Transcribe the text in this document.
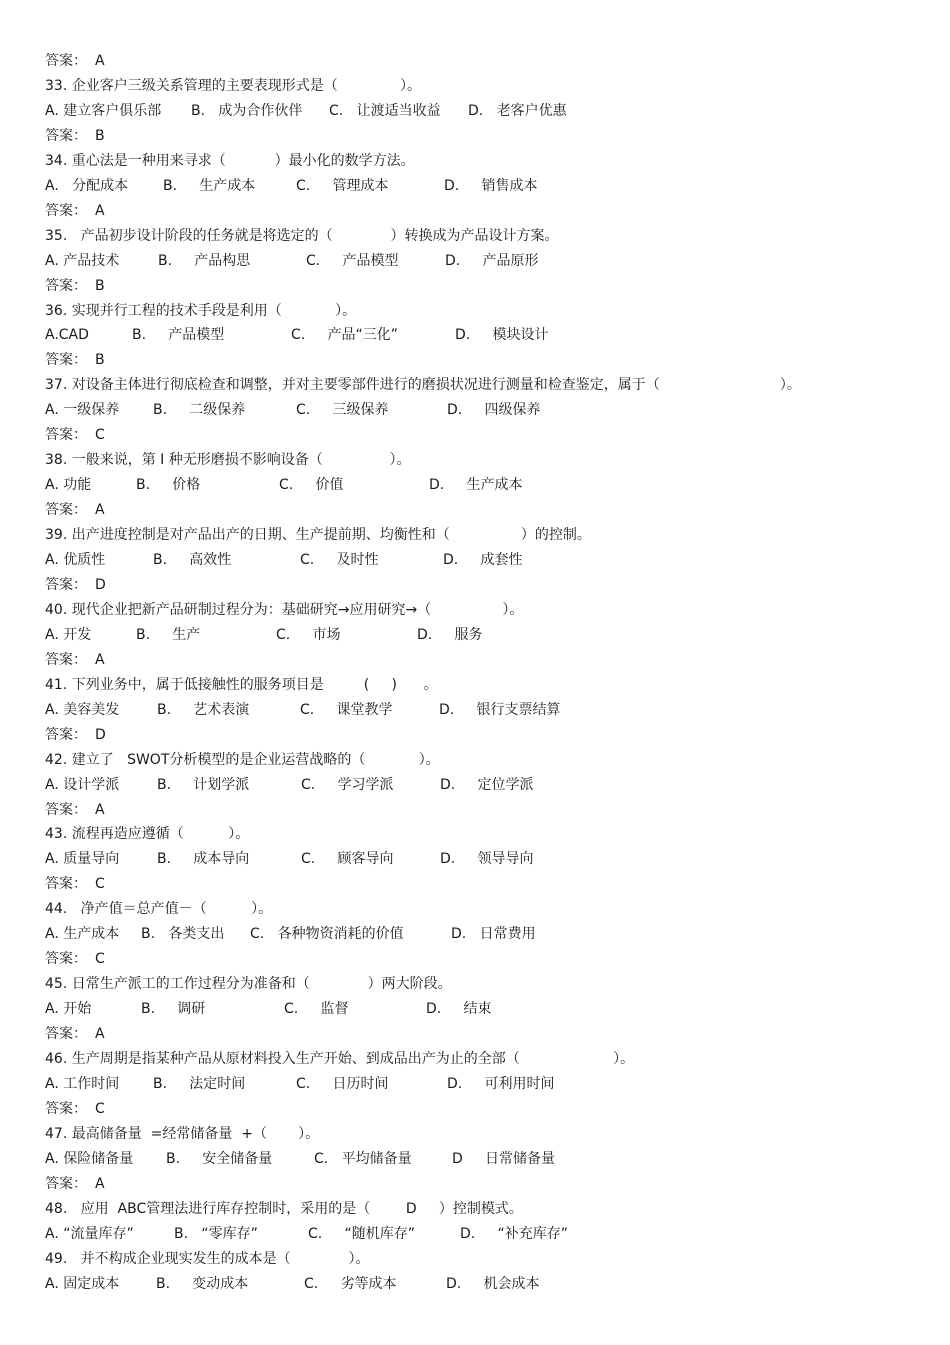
答案： A
33. 企业客户三级关系管理的主要表现形式是（              ）。
A. 建立客户俱乐部 B.   成为合作伙伴 C.   让渡适当收益 D.   老客户优惠
答案： B
34. 重心法是一种用来寻求（           ）最小化的数学方法。
A.   分配成本 B.     生产成本	C.     管理成本	D.     销售成本
答案： A
35.   产品初步设计阶段的任务就是将选定的（             ）转换成为产品设计方案。
A. 产品技术	B.     产品构思	C.     产品模型	D.     产品原形
答案： B
36. 实现并行工程的技术手段是利用（            ）。
A.CAD	B.     产品模型	C.     产品“三化”	D.     模块设计
答案： B
37. 对设备主体进行彻底检查和调整，并对主要零部件进行的磨损状况进行测量和检查鉴定，属于（                           ）。
A. 一级保养 B.     二级保养	C.     三级保养	D.     四级保养
答案： C
38. 一般来说，第 I 种无形磨损不影响设备（               ）。
A. 功能	B.     价格	C.     价值	D.     生产成本
答案： A
39. 出产进度控制是对产品出产的日期、生产提前期、均衡性和（                ）的控制。
A. 优质性	B.     高效性	C.     及时性	D.     成套性
答案： D
40. 现代企业把新产品研制过程分为：基础研究→应用研究→（                ）。
A. 开发	B.     生产	C.     市场	D.     服务
答案： A
41. 下列业务中，属于低接触性的服务项目是         (     )      。
A. 美容美发	B.     艺术表演	C.     课堂教学	D.     银行支票结算
答案： D
42. 建立了   SWOT分析模型的是企业运营战略的（            ）。
A. 设计学派	B.     计划学派	C.     学习学派	D.     定位学派
答案： A
43. 流程再造应遵循（          ）。
A. 质量导向	B.     成本导向	C.     顾客导向	D.     领导导向
答案： C
44.   净产值＝总产值－（          ）。
A. 生产成本 B.   各类支出 C.   各种物资消耗的价值	D.   日常费用
答案： C
45. 日常生产派工的工作过程分为准备和（             ）两大阶段。
A. 开始	B.     调研	C.     监督	D.     结束
答案： A
46. 生产周期是指某种产品从原材料投入生产开始、到成品出产为止的全部（                     ）。
A. 工作时间 B.     法定时间	C.     日历时间	D.     可利用时间
答案： C
47. 最高储备量  =经常储备量  +（       ）。
A. 保险储备量 B.     安全储备量	C.   平均储备量	D     日常储备量
答案： A
48.   应用  ABC管理法进行库存控制时，采用的是（        D     ）控制模式。
A. “流量库存”	B.   “零库存”	C.     “随机库存”	D.     “补充库存”
49.   并不构成企业现实发生的成本是（             ）。
A. 固定成本	B.     变动成本	C.     劣等成本	D.     机会成本
